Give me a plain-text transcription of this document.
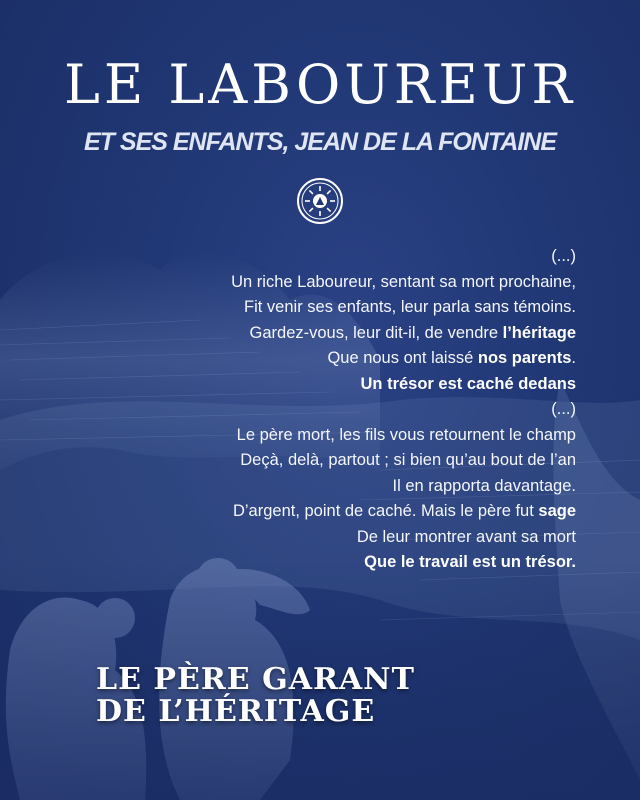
LE LABOUREUR
ET SES ENFANTS, JEAN DE LA FONTAINE
(...)
Un riche Laboureur, sentant sa mort prochaine,
Fit venir ses enfants, leur parla sans témoins.
Gardez-vous, leur dit-il, de vendre l’héritage
Que nous ont laissé nos parents.
Un trésor est caché dedans
(...)
Le père mort, les fils vous retournent le champ
Deçà, delà, partout ; si bien qu’au bout de l’an
Il en rapporta davantage.
D’argent, point de caché. Mais le père fut sage
De leur montrer avant sa mort
Que le travail est un trésor.
LE PÈRE GARANT
DE L’HÉRITAGE
